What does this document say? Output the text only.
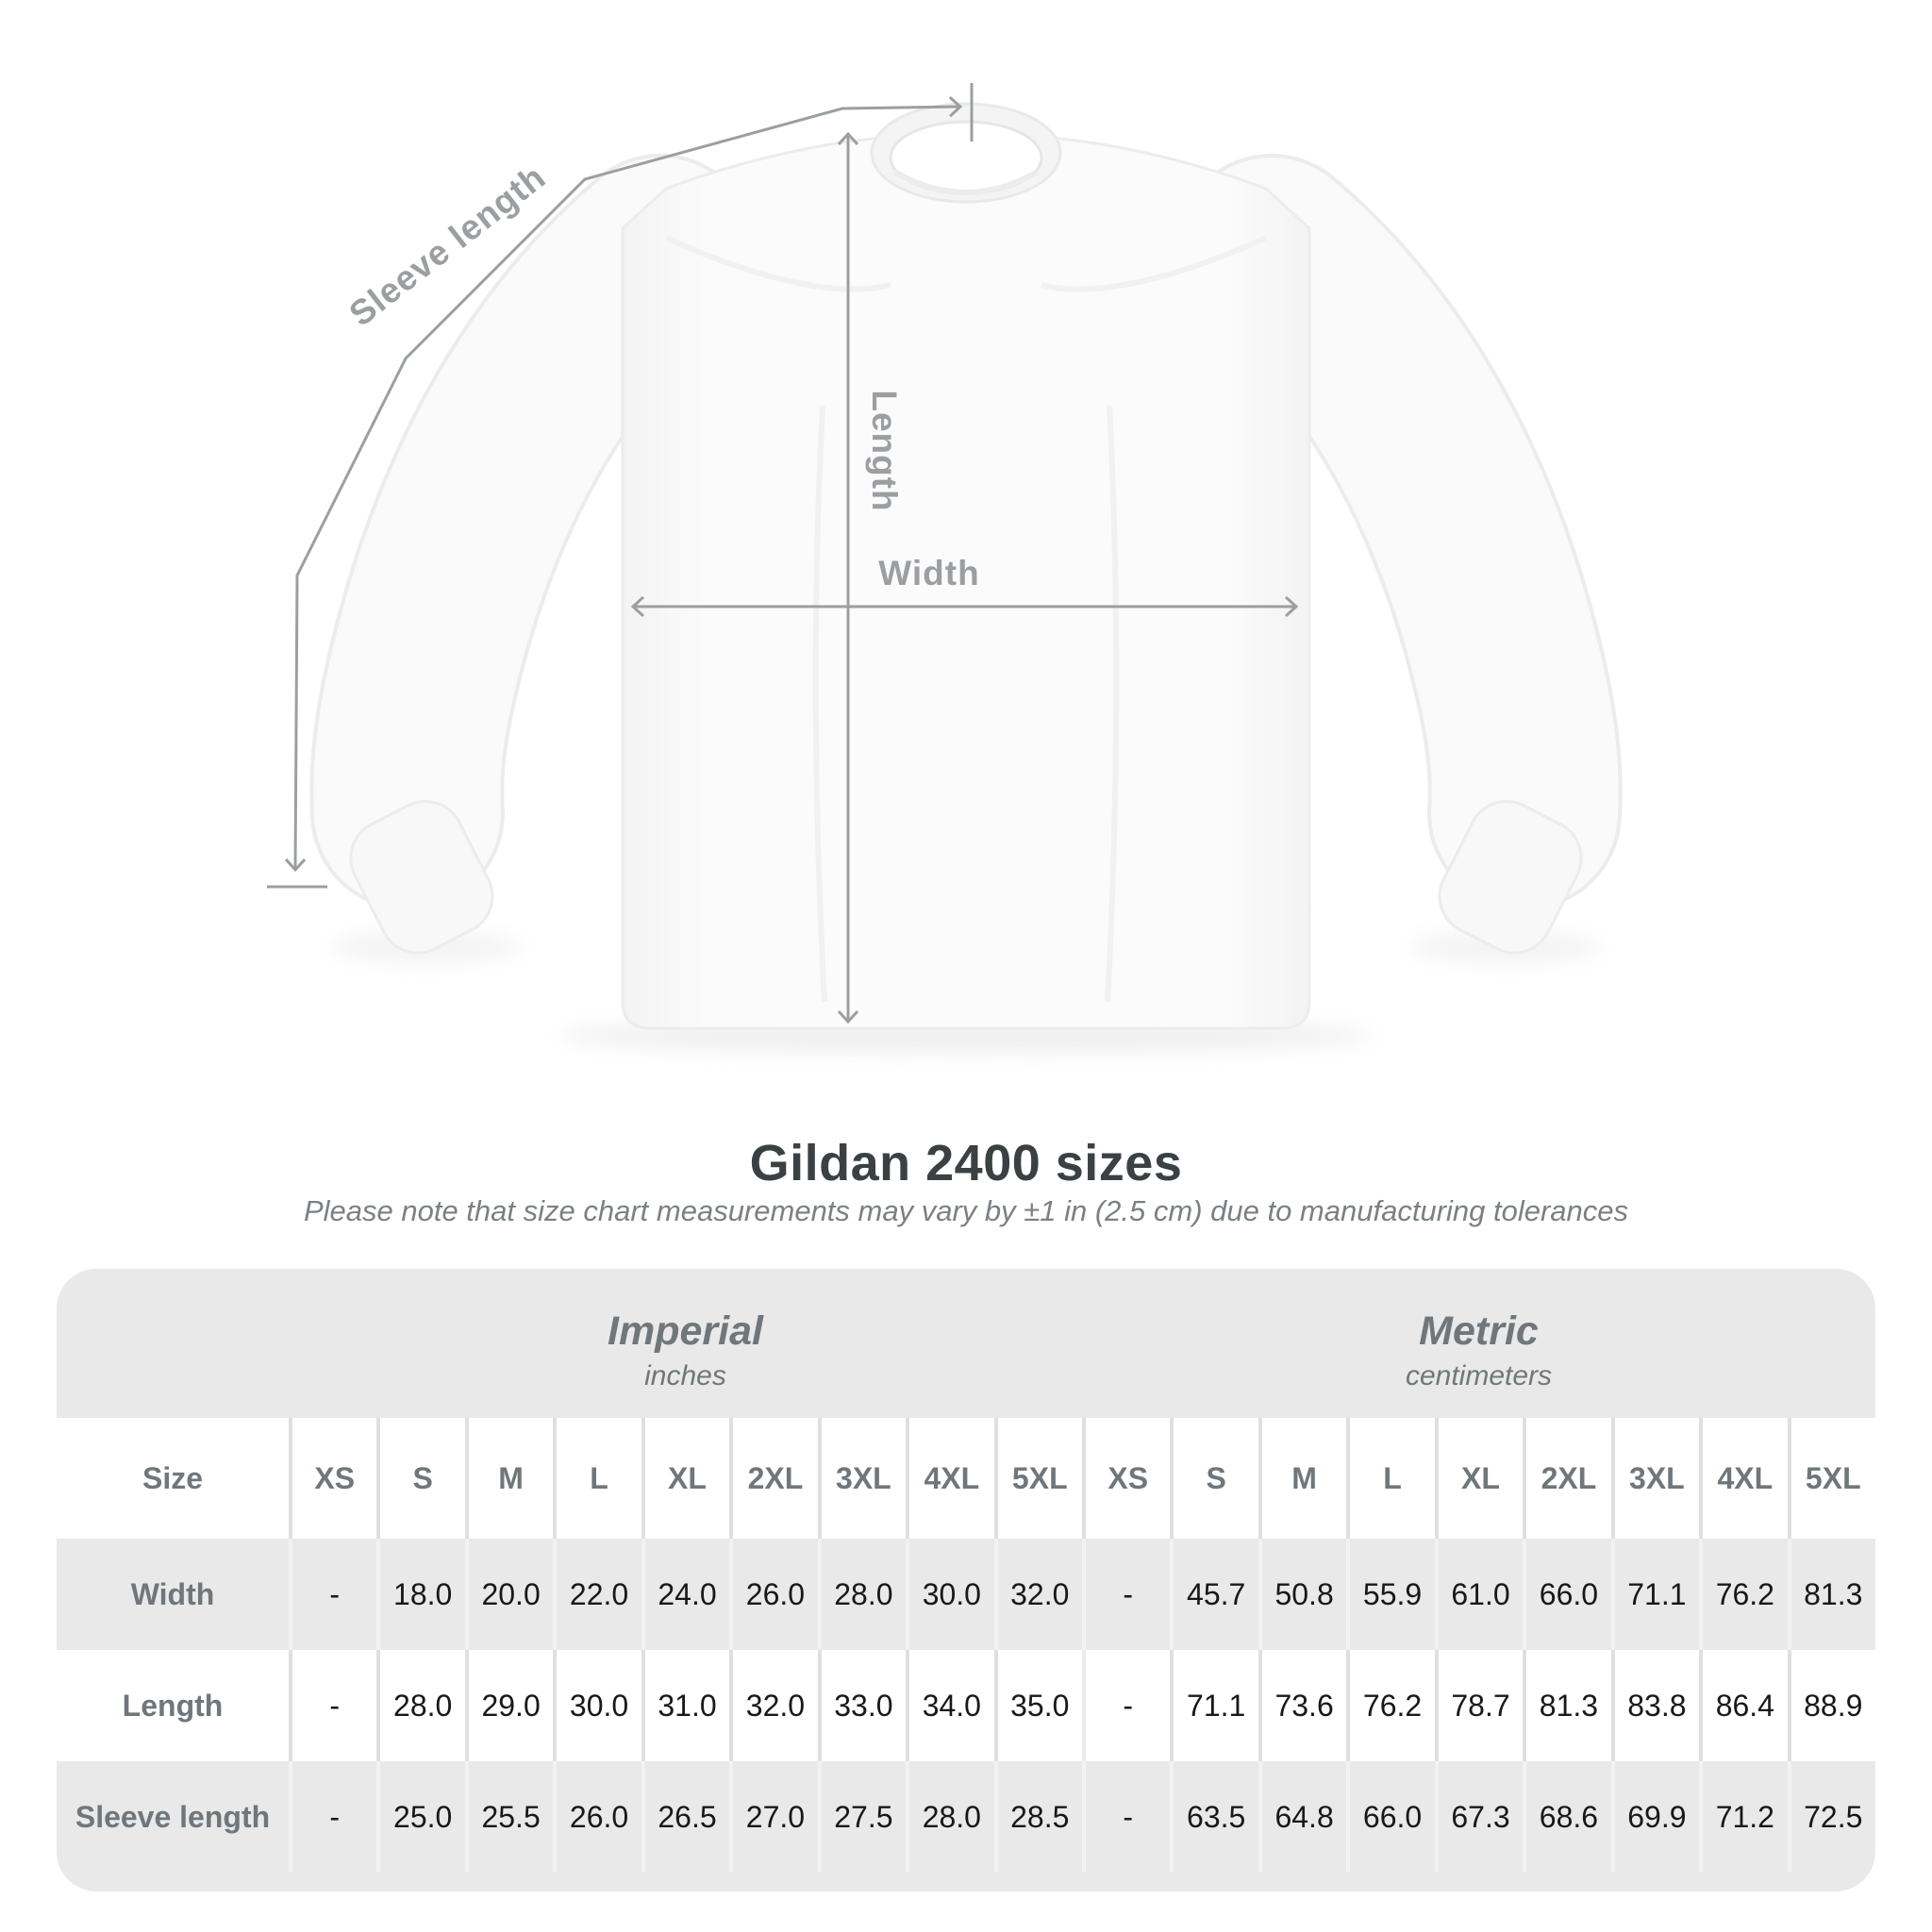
Sleeve length
Length
Width
Gildan 2400 sizes
Please note that size chart measurements may vary by ±1 in (2.5 cm) due to manufacturing tolerances
Imperial
inches
Metric
centimeters
Size	XS	S	M	L	XL	2XL	3XL	4XL	5XL	XS	S	M	L	XL	2XL	3XL	4XL	5XL
Width	-	18.0 20.0 22.0 24.0 26.0 28.0 30.0 32.0	-	45.7 50.8 55.9 61.0 66.0 71.1 76.2 81.3
Length	-	28.0 29.0 30.0 31.0 32.0 33.0 34.0 35.0	-	71.1 73.6 76.2 78.7 81.3 83.8 86.4 88.9
Sleeve length	-	25.0 25.5 26.0 26.5 27.0 27.5 28.0 28.5	-	63.5 64.8 66.0 67.3 68.6 69.9 71.2 72.5
